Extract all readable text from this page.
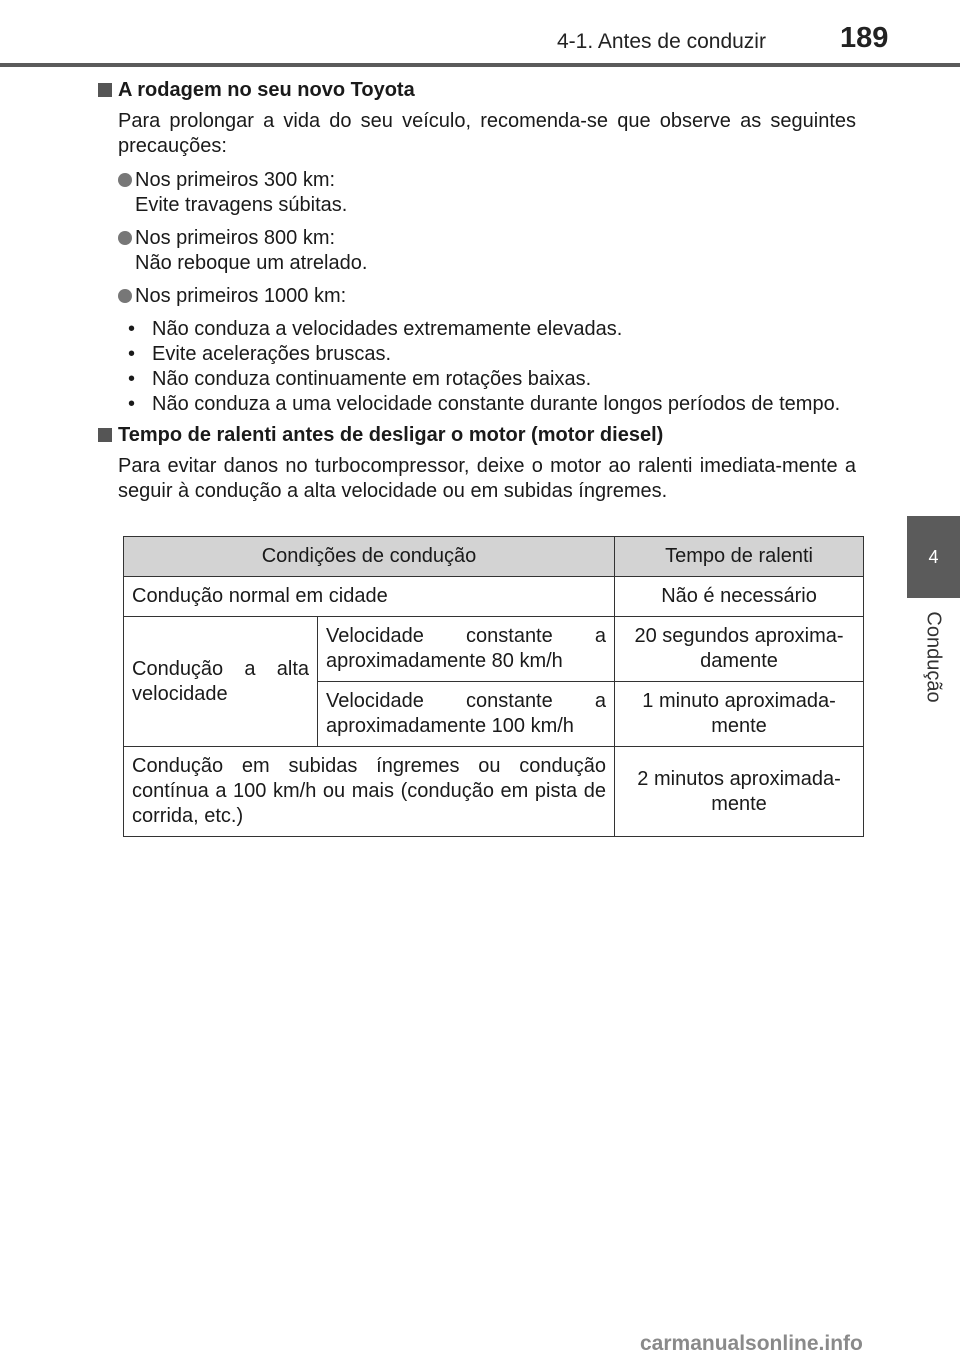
4-1. Antes de conduzir	189
4
Condução
A rodagem no seu novo Toyota
Para prolongar a vida do seu veículo, recomenda-se que observe as seguintes precauções:
Nos primeiros 300 km:
Evite travagens súbitas.
Nos primeiros 800 km:
Não reboque um atrelado.
Nos primeiros 1000 km:
• Não conduza a velocidades extremamente elevadas.
• Evite acelerações bruscas.
• Não conduza continuamente em rotações baixas.
• Não conduza a uma velocidade constante durante longos períodos de tempo.
Tempo de ralenti antes de desligar o motor (motor diesel)
Para evitar danos no turbocompressor, deixe o motor ao ralenti imediata-mente a seguir à condução a alta velocidade ou em subidas íngremes.
Condições de condução		Tempo de ralenti
Condução normal em cidade		Não é necessário
Condução a alta velocidade	Velocidade constante a aproximadamente 80 km/h	20 segundos aproxima-damente
	Velocidade constante a aproximadamente 100 km/h	1 minuto aproximada-mente
Condução em subidas íngremes ou condução contínua a 100 km/h ou mais (condução em pista de corrida, etc.)		2 minutos aproximada-mente
carmanualsonline.info
